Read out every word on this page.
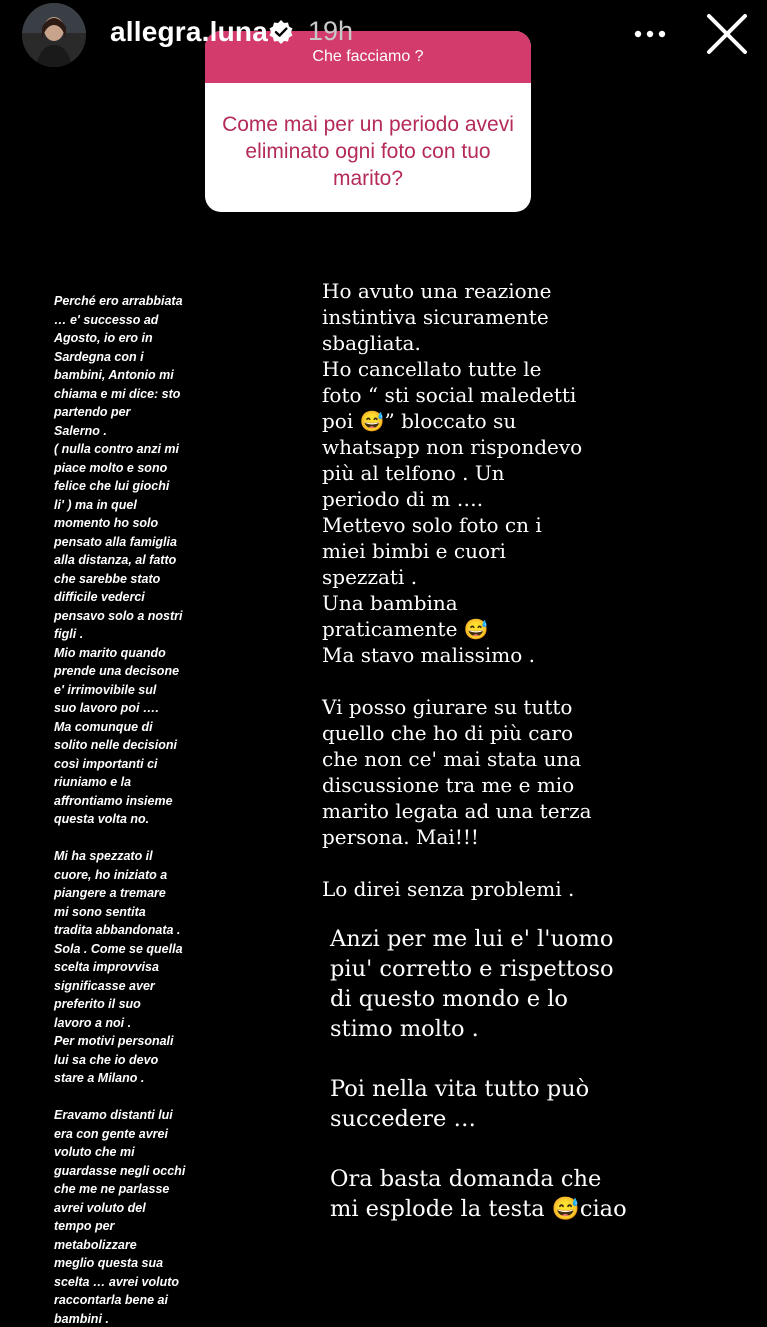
allegra.luna 19h
Che facciamo ?
Come mai per un periodo avevi eliminato ogni foto con tuo marito?
Perché ero arrabbiata
… e' successo ad
Agosto, io ero in
Sardegna con i
bambini, Antonio mi
chiama e mi dice: sto
partendo per
Salerno .
( nulla contro anzi mi
piace molto e sono
felice che lui giochi
li' ) ma in quel
momento ho solo
pensato alla famiglia
alla distanza, al fatto
che sarebbe stato
difficile vederci
pensavo solo a nostri
figli .
Mio marito quando
prende una decisone
e' irrimovibile sul
suo lavoro poi ….
Ma comunque di
solito nelle decisioni
così importanti ci
riuniamo e la
affrontiamo insieme
questa volta no.

Mi ha spezzato il
cuore, ho iniziato a
piangere a tremare
mi sono sentita
tradita abbandonata .
Sola . Come se quella
scelta improvvisa
significasse aver
preferito il suo
lavoro a noi .
Per motivi personali
lui sa che io devo
stare a Milano .

Eravamo distanti lui
era con gente avrei
voluto che mi
guardasse negli occhi
che me ne parlasse
avrei voluto del
tempo per
metabolizzare
meglio questa sua
scelta … avrei voluto
raccontarla bene ai
bambini .
Ho avuto una reazione
instintiva sicuramente
sbagliata.
Ho cancellato tutte le
foto “ sti social maledetti
poi 😅” bloccato su
whatsapp non rispondevo
più al telfono . Un
periodo di m ….
Mettevo solo foto cn i
miei bimbi e cuori
spezzati .
Una bambina
praticamente 😅
Ma stavo malissimo .

Vi posso giurare su tutto
quello che ho di più caro
che non ce' mai stata una
discussione tra me e mio
marito legata ad una terza
persona. Mai!!!

Lo direi senza problemi .
Anzi per me lui e' l'uomo
piu' corretto e rispettoso
di questo mondo e lo
stimo molto .

Poi nella vita tutto può
succedere …

Ora basta domanda che
mi esplode la testa 😅ciao
